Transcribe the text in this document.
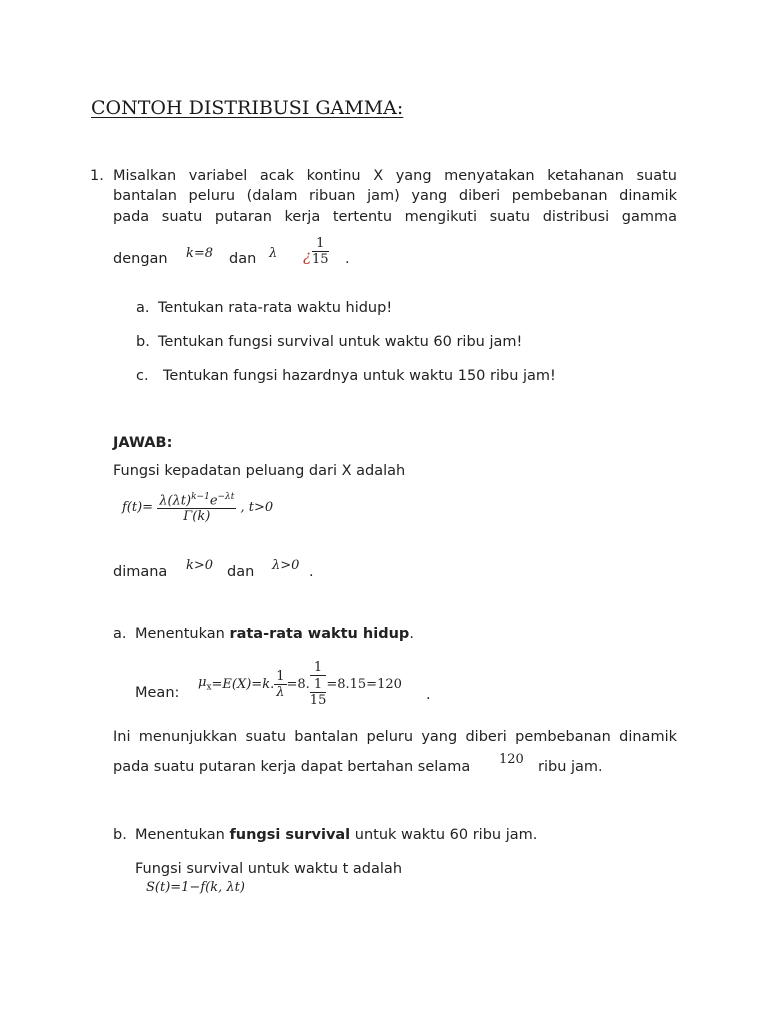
CONTOH DISTRIBUSI GAMMA:
1. Misalkan variabel acak kontinu X yang menyatakan ketahanan suatu
bantalan peluru (dalam ribuan jam) yang diberi pembebanan dinamik
pada suatu putaran kerja tertentu mengikuti suatu distribusi gamma
dengan k=8 dan λ ¿ $\frac{1}{15}$ .
a. Tentukan rata-rata waktu hidup!
b. Tentukan fungsi survival untuk waktu 60 ribu jam!
c. Tentukan fungsi hazardnya untuk waktu 150 ribu jam!
JAWAB:
Fungsi kepadatan peluang dari X adalah
$f(t)= \frac{\lambda(\lambda t)^{k-1}e^{-\lambda t}}{\Gamma(k)}$ , t>0
dimana k>0 dan λ>0 .
a. Menentukan rata-rata waktu hidup.
Mean:
$\mu_x=E(X)=k$. $\frac{1}{\lambda} =8$. 1
1
15 =8.15=120
.
Ini menunjukkan suatu bantalan peluru yang diberi pembebanan dinamik
pada suatu putaran kerja dapat bertahan selama 120 ribu jam.
b. Menentukan fungsi survival untuk waktu 60 ribu jam.
Fungsi survival untuk waktu t adalah
S(t)=1−f(k, λt)
